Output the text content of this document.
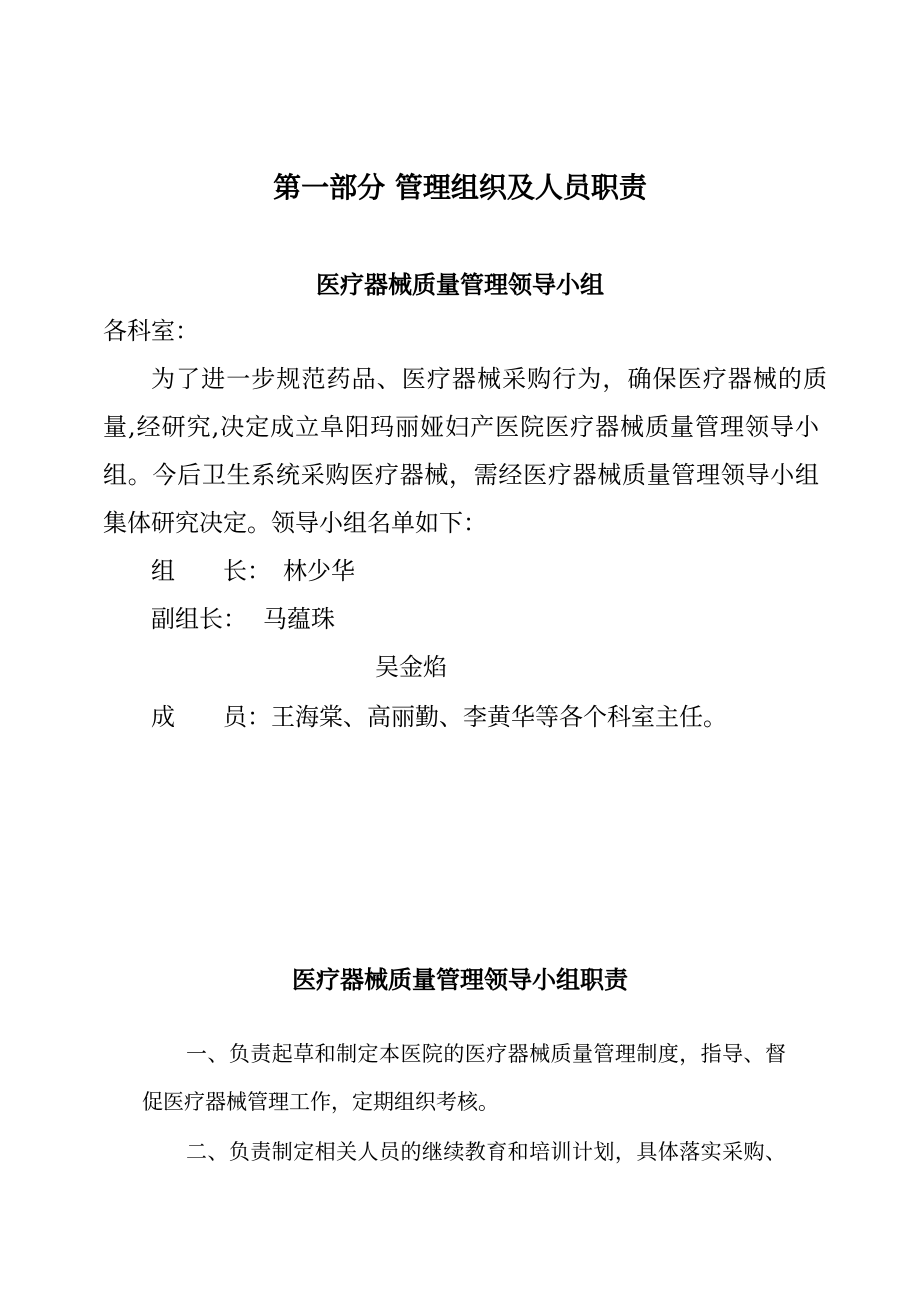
第一部分 管理组织及人员职责
医疗器械质量管理领导小组

各科室：

为了进一步规范药品、医疗器械采购行为，确保医疗器械的质

量,经研究,决定成立阜阳玛丽娅妇产医院医疗器械质量管理领导小

组。今后卫生系统采购医疗器械，需经医疗器械质量管理领导小组

集体研究决定。领导小组名单如下：

组　　长： 林少华
副组长： 马蕴珠

吴金焰

成　　员：王海棠、高丽勤、李黄华等各个科室主任。
医疗器械质量管理领导小组职责

一、负责起草和制定本医院的医疗器械质量管理制度，指导、督

促医疗器械管理工作，定期组织考核。

二、负责制定相关人员的继续教育和培训计划，具体落实采购、
